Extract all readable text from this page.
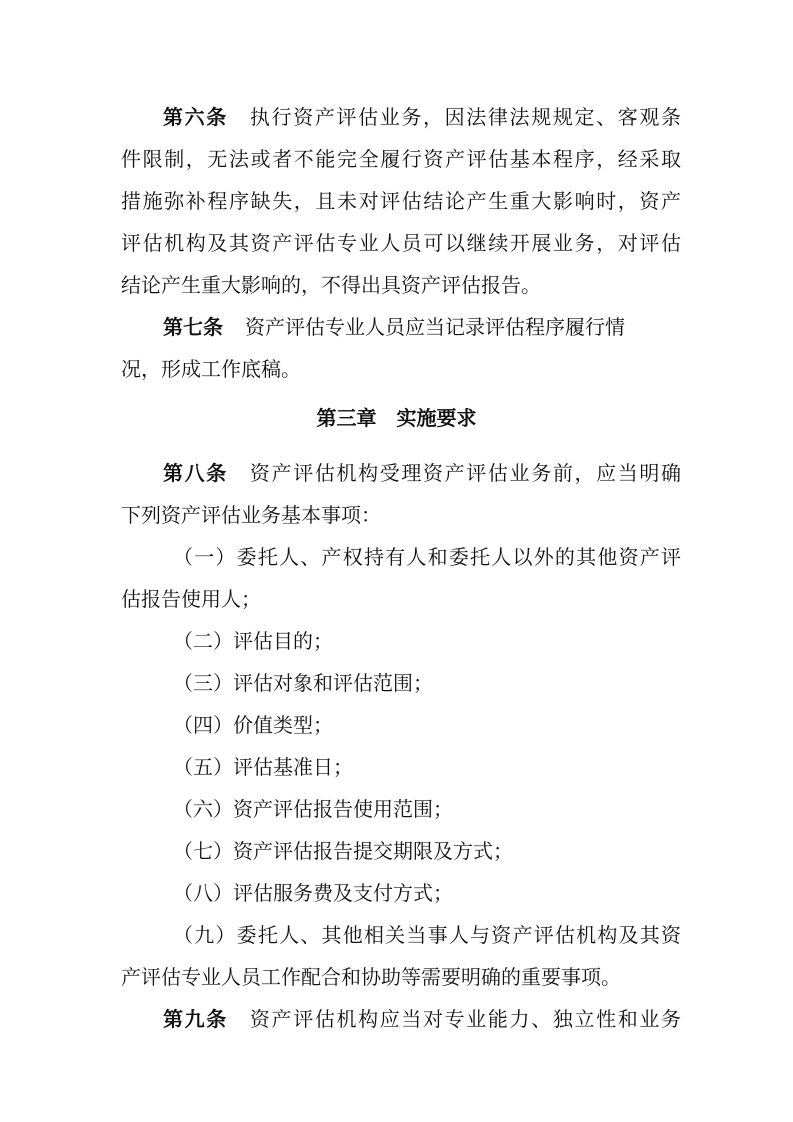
第六条 执行资产评估业务，因法律法规规定、客观条
件限制，无法或者不能完全履行资产评估基本程序，经采取
措施弥补程序缺失，且未对评估结论产生重大影响时，资产
评估机构及其资产评估专业人员可以继续开展业务，对评估
结论产生重大影响的，不得出具资产评估报告。
第七条 资产评估专业人员应当记录评估程序履行情
况，形成工作底稿。
第三章　实施要求
第八条 资产评估机构受理资产评估业务前，应当明确
下列资产评估业务基本事项：
（一）委托人、产权持有人和委托人以外的其他资产评
估报告使用人；
（二）评估目的；
（三）评估对象和评估范围；
（四）价值类型；
（五）评估基准日；
（六）资产评估报告使用范围；
（七）资产评估报告提交期限及方式；
（八）评估服务费及支付方式；
（九）委托人、其他相关当事人与资产评估机构及其资
产评估专业人员工作配合和协助等需要明确的重要事项。
第九条 资产评估机构应当对专业能力、独立性和业务
